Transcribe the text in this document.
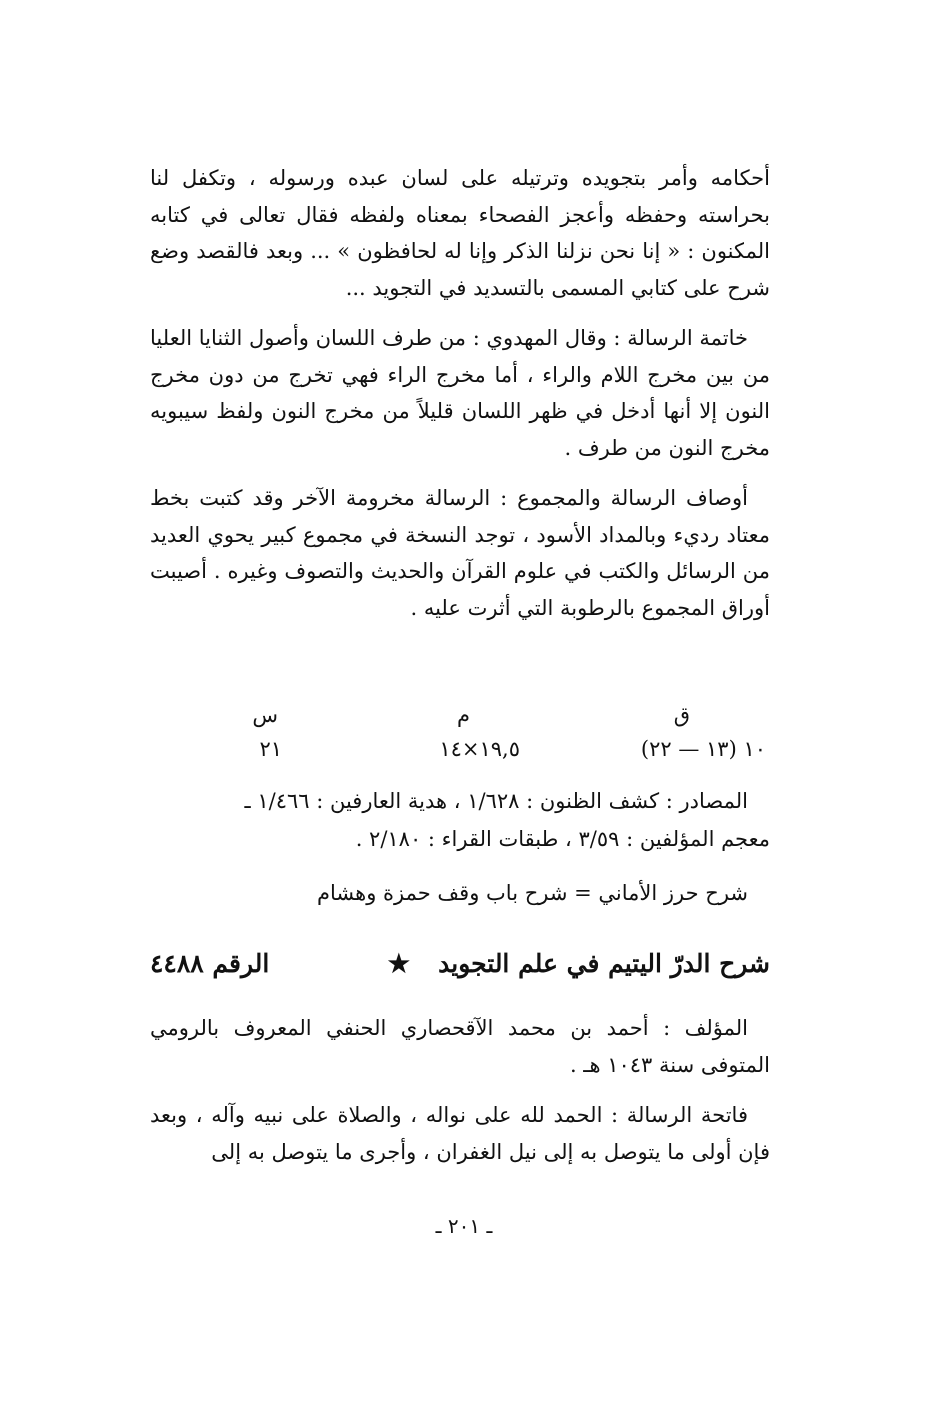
أحكامه وأمر بتجويده وترتيله على لسان عبده ورسوله ، وتكفل لنا بحراسته وحفظه وأعجز الفصحاء بمعناه ولفظه فقال تعالى في كتابه المكنون : « إنا نحن نزلنا الذكر وإنا له لحافظون » ... وبعد فالقصد وضع شرح على كتابي المسمى بالتسديد في التجويد ...

خاتمة الرسالة : وقال المهدوي : من طرف اللسان وأصول الثنايا العليا من بين مخرج اللام والراء ، أما مخرج الراء فهي تخرج من دون مخرج النون إلا أنها أدخل في ظهر اللسان قليلاً من مخرج النون ولفظ سيبويه مخرج النون من طرف .

أوصاف الرسالة والمجموع : الرسالة مخرومة الآخر وقد كتبت بخط معتاد رديء وبالمداد الأسود ، توجد النسخة في مجموع كبير يحوي العديد من الرسائل والكتب في علوم القرآن والحديث والتصوف وغيره . أصيبت أوراق المجموع بالرطوبة التي أثرت عليه .

ق
م
س
١٠ (١٣ — ٢٢)
١٩,٥×١٤
٢١
المصادر : كشف الظنون : ١/٦٢٨ ، هدية العارفين : ١/٤٦٦ ـ
معجم المؤلفين : ٣/٥٩ ، طبقات القراء : ٢/١٨٠ .
شرح حرز الأماني = شرح باب وقف حمزة وهشام
شرح الدرّ اليتيم في علم التجويد
★
الرقم ٤٤٨٨

المؤلف : أحمد بن محمد الآقحصاري الحنفي المعروف بالرومي المتوفى سنة ١٠٤٣ هـ .

فاتحة الرسالة : الحمد لله على نواله ، والصلاة على نبيه وآله ، وبعد فإن أولى ما يتوصل به إلى نيل الغفران ، وأجرى ما يتوصل به إلى

ـ ٢٠١ ـ
